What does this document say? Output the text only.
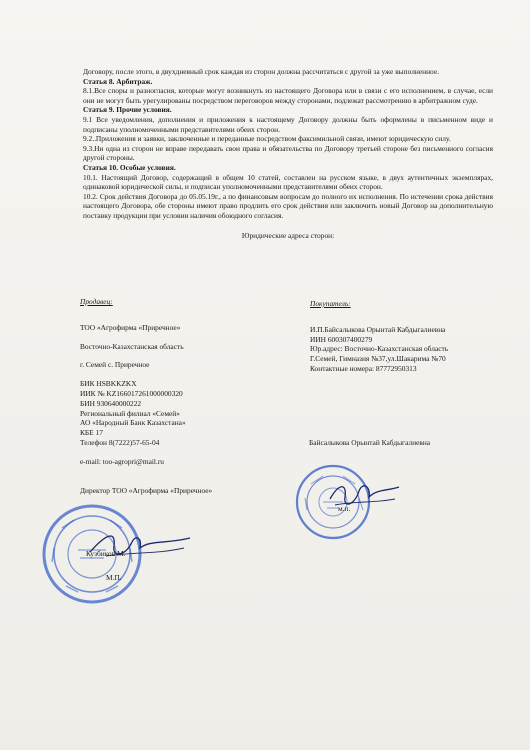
Договору, после этого, в двухдневный срок каждая из сторон должна рассчитаться с другой за уже выполненное.

Статья 8. Арбитраж.

8.1.Все споры и разногласия, которые могут возникнуть из настоящего Договора или в связи с его исполнением, в случае, если они не могут быть урегулированы посредством переговоров между сторонами, подлежат рассмотрению в арбитражном суде.

Статья 9. Прочие условия.

9.1 Все уведомления, дополнения и приложения к настоящему Договору должны быть оформлены в письменном виде и подписаны уполномоченными представителями обеих сторон.

9.2..Приложения и заявки, заключенные и переданные посредством факсимильной связи, имеют юридическую силу.

9.3.Ни одна из сторон не вправе передавать свои права и обязательства по Договору третьей стороне без письменного согласия другой стороны.

Статья 10. Особые условия.

10.1. Настоящий Договор, содержащий в общем 10 статей, составлен на русском языке, в двух аутентичных экземплярах, одинаковой юридической силы, и подписан уполномоченными представителями обеих сторон.

10.2. Срок действия Договора до 05.05.19г., а по финансовым вопросам до полного их исполнения. По истечении срока действия настоящего Договора, обе стороны имеют право продлить его срок действия или заключить новый Договор на дополнительную поставку продукции при условии наличия обоюдного согласия.

Юридические адреса сторон:

Продавец:
ТОО «Агрофирма «Приречное»
Восточно-Казахстанская область
г. Семей с. Приречное
БИК HSBKKZKX
ИИК № KZ166017261000000320
БИН 930640000222
Региональный филиал «Семей»
АО «Народный Банк Казахстана»
КБЕ 17
Телефон 8(7222)57-65-04
e-mail: too-agropri@mail.ru
Директор ТОО «Агрофирма «Приречное»
Покупатель:
И.П.Байсалыкова Орынтай Кабдыгалиевна
ИИН 600307400279
Юр.адрес: Восточно-Казахстанская область
Г.Семей, Гимназия №37,ул.Шакарима №70
Контактные номера: 87772950313
Байсалыкова Орынтай Кабдыгалиевна
м.п.
Кузбиков М.
М.П.
